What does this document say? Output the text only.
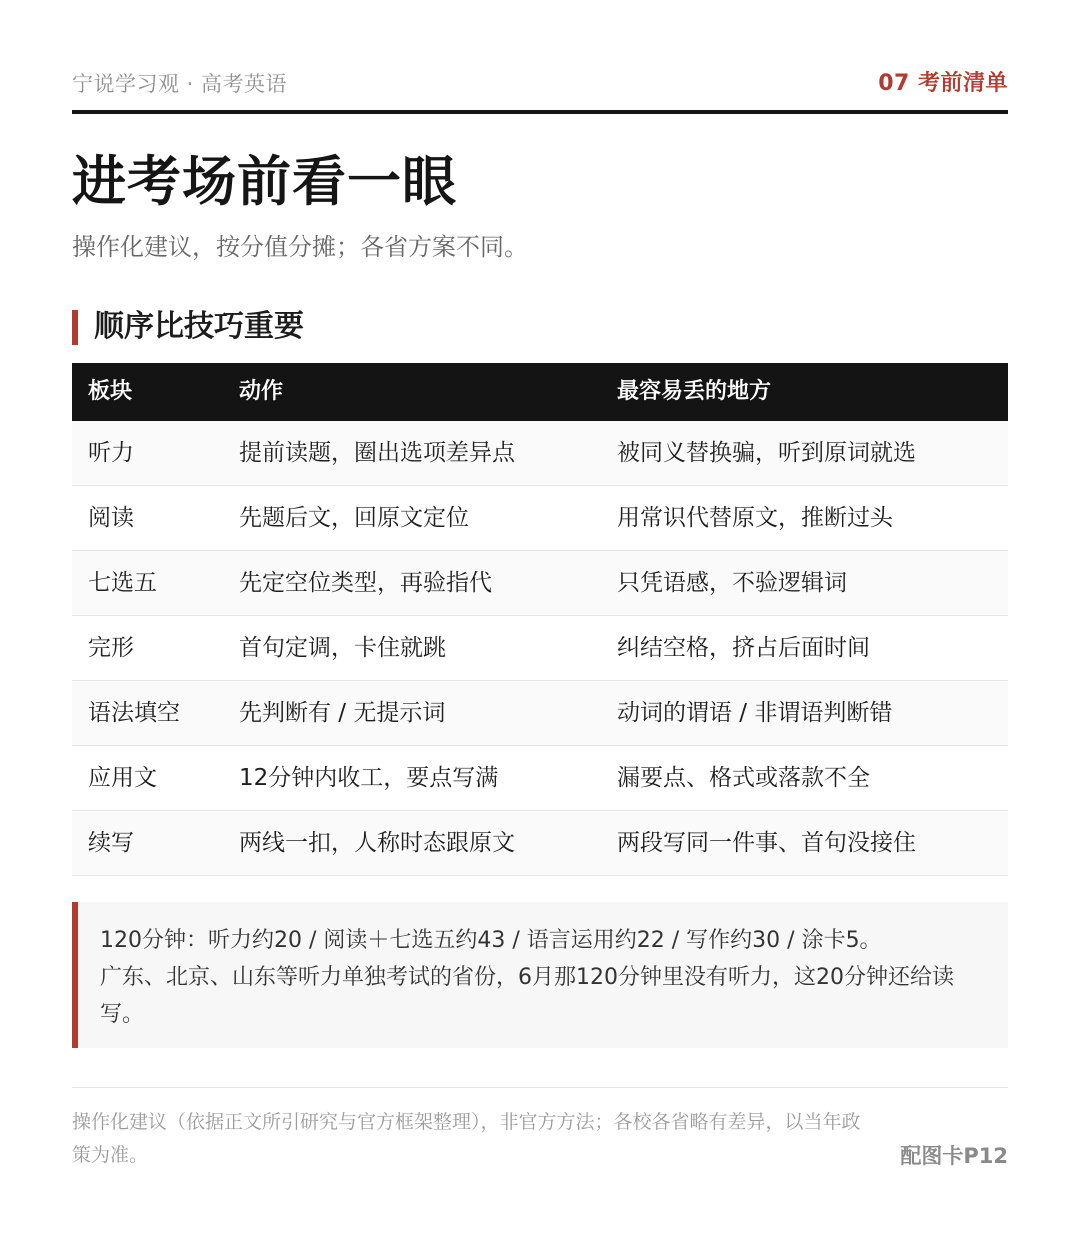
宁说学习观 · 高考英语	07 考前清单
进考场前看一眼
操作化建议，按分值分摊；各省方案不同。
顺序比技巧重要
板块	动作	最容易丢的地方
听力	提前读题，圈出选项差异点	被同义替换骗，听到原词就选
阅读	先题后文，回原文定位	用常识代替原文，推断过头
七选五	先定空位类型，再验指代	只凭语感，不验逻辑词
完形	首句定调，卡住就跳	纠结空格，挤占后面时间
语法填空	先判断有 / 无提示词	动词的谓语 / 非谓语判断错
应用文	12分钟内收工，要点写满	漏要点、格式或落款不全
续写	两线一扣，人称时态跟原文	两段写同一件事、首句没接住

120分钟：听力约20 / 阅读＋七选五约43 / 语言运用约22 / 写作约30 / 涂卡5。

广东、北京、山东等听力单独考试的省份，6月那120分钟里没有听力，这20分钟还给读写。

操作化建议（依据正文所引研究与官方框架整理），非官方方法；各校各省略有差异，以当年政策为准。	配图卡P12
